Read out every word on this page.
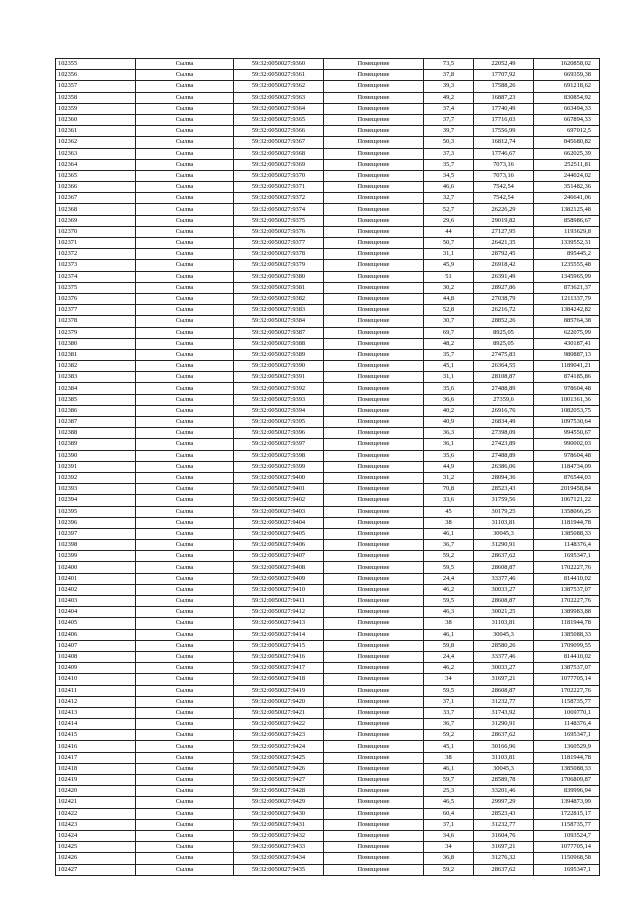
102355	Сылва	59:32:0050027:9360	Помещение	73,5	22052,49	1620858,02
102356	Сылва	59:32:0050027:9361	Помещение	37,8	17707,92	669359,38
102357	Сылва	59:32:0050027:9362	Помещение	39,3	17588,26	691218,62
102358	Сылва	59:32:0050027:9363	Помещение	49,2	16887,23	830854,92
102359	Сылва	59:32:0050027:9364	Помещение	37,4	17740,49	663494,33
102360	Сылва	59:32:0050027:9365	Помещение	37,7	17716,03	667894,33
102361	Сылва	59:32:0050027:9366	Помещение	39,7	17556,99	697012,5
102362	Сылва	59:32:0050027:9367	Помещение	50,3	16812,74	845680,82
102363	Сылва	59:32:0050027:9368	Помещение	37,3	17746,67	662025,39
102364	Сылва	59:32:0050027:9369	Помещение	35,7	7073,16	252511,81
102365	Сылва	59:32:0050027:9370	Помещение	34,5	7073,16	244024,02
102366	Сылва	59:32:0050027:9371	Помещение	46,6	7542,54	351482,36
102367	Сылва	59:32:0050027:9372	Помещение	32,7	7542,54	246641,06
102368	Сылва	59:32:0050027:9374	Помещение	52,7	26226,29	1382125,48
102369	Сылва	59:32:0050027:9375	Помещение	29,6	29019,82	858986,67
102370	Сылва	59:32:0050027:9376	Помещение	44	27127,95	1193629,8
102371	Сылва	59:32:0050027:9377	Помещение	50,7	26421,35	1339552,31
102372	Сылва	59:32:0050027:9378	Помещение	31,1	28792,45	895445,2
102373	Сылва	59:32:0050027:9379	Помещение	45,9	26918,42	1235555,48
102374	Сылва	59:32:0050027:9380	Помещение	51	26391,49	1345965,99
102375	Сылва	59:32:0050027:9381	Помещение	30,2	28927,86	873621,37
102376	Сылва	59:32:0050027:9382	Помещение	44,8	27038,79	1211337,79
102377	Сылва	59:32:0050027:9383	Помещение	52,8	26216,72	1384242,82
102378	Сылва	59:32:0050027:9384	Помещение	30,7	28852,26	885764,38
102379	Сылва	59:32:0050027:9387	Помещение	69,7	8925,05	622075,99
102380	Сылва	59:32:0050027:9388	Помещение	48,2	8925,05	430187,41
102381	Сылва	59:32:0050027:9389	Помещение	35,7	27475,83	980887,13
102382	Сылва	59:32:0050027:9390	Помещение	45,1	26364,55	1189041,21
102383	Сылва	59:32:0050027:9391	Помещение	31,1	28108,87	874185,86
102384	Сылва	59:32:0050027:9392	Помещение	35,6	27488,89	978604,48
102385	Сылва	59:32:0050027:9393	Помещение	36,6	27359,6	1001361,36
102386	Сылва	59:32:0050027:9394	Помещение	40,2	26916,76	1082053,75
102387	Сылва	59:32:0050027:9395	Помещение	40,9	26834,49	1097530,64
102388	Сылва	59:32:0050027:9396	Помещение	36,3	27398,09	994550,67
102389	Сылва	59:32:0050027:9397	Помещение	36,1	27423,89	990002,03
102390	Сылва	59:32:0050027:9398	Помещение	35,6	27488,89	978604,48
102391	Сылва	59:32:0050027:9399	Помещение	44,9	26386,06	1184734,09
102392	Сылва	59:32:0050027:9400	Помещение	31,2	28094,36	876544,03
102393	Сылва	59:32:0050027:9401	Помещение	70,8	28523,43	2019458,84
102394	Сылва	59:32:0050027:9402	Помещение	33,6	31759,56	1067121,22
102395	Сылва	59:32:0050027:9403	Помещение	45	30179,25	1358066,25
102396	Сылва	59:32:0050027:9404	Помещение	38	31103,81	1181944,78
102397	Сылва	59:32:0050027:9405	Помещение	46,1	30045,3	1385088,33
102398	Сылва	59:32:0050027:9406	Помещение	36,7	31290,91	1148376,4
102399	Сылва	59:32:0050027:9407	Помещение	59,2	28637,62	1695347,1
102400	Сылва	59:32:0050027:9408	Помещение	59,5	28608,87	1702227,76
102401	Сылва	59:32:0050027:9409	Помещение	24,4	33377,46	814410,02
102402	Сылва	59:32:0050027:9410	Помещение	46,2	30033,27	1387537,07
102403	Сылва	59:32:0050027:9411	Помещение	59,5	28608,87	1702227,76
102404	Сылва	59:32:0050027:9412	Помещение	46,3	30021,25	1389983,88
102405	Сылва	59:32:0050027:9413	Помещение	38	31103,81	1181944,78
102406	Сылва	59:32:0050027:9414	Помещение	46,1	30045,3	1385088,33
102407	Сылва	59:32:0050027:9415	Помещение	59,8	28580,26	1709099,55
102408	Сылва	59:32:0050027:9416	Помещение	24,4	33377,46	814410,02
102409	Сылва	59:32:0050027:9417	Помещение	46,2	30033,27	1387537,07
102410	Сылва	59:32:0050027:9418	Помещение	34	31697,21	1077705,14
102411	Сылва	59:32:0050027:9419	Помещение	59,5	28608,87	1702227,76
102412	Сылва	59:32:0050027:9420	Помещение	37,1	31232,77	1158735,77
102413	Сылва	59:32:0050027:9421	Помещение	33,7	31743,92	1069770,1
102414	Сылва	59:32:0050027:9422	Помещение	36,7	31290,91	1148376,4
102415	Сылва	59:32:0050027:9423	Помещение	59,2	28637,62	1695347,1
102416	Сылва	59:32:0050027:9424	Помещение	45,1	30166,96	1360529,9
102417	Сылва	59:32:0050027:9425	Помещение	38	31103,81	1181944,78
102418	Сылва	59:32:0050027:9426	Помещение	46,1	30045,3	1385088,33
102419	Сылва	59:32:0050027:9427	Помещение	59,7	28589,78	1706809,87
102420	Сылва	59:32:0050027:9428	Помещение	25,3	33201,46	839996,94
102421	Сылва	59:32:0050027:9429	Помещение	46,5	29997,29	1394873,99
102422	Сылва	59:32:0050027:9430	Помещение	60,4	28523,43	1722815,17
102423	Сылва	59:32:0050027:9431	Помещение	37,1	31232,77	1158735,77
102424	Сылва	59:32:0050027:9432	Помещение	34,6	31604,76	1093524,7
102425	Сылва	59:32:0050027:9433	Помещение	34	31697,21	1077705,14
102426	Сылва	59:32:0050027:9434	Помещение	36,8	31276,32	1150968,58
102427	Сылва	59:32:0050027:9435	Помещение	59,2	28637,62	1695347,1
